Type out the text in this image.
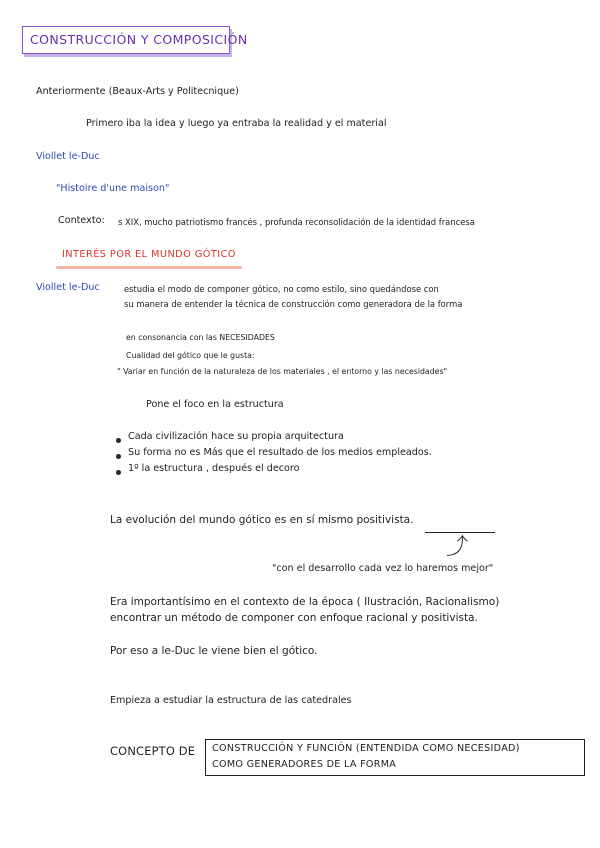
CONSTRUCCIÓN Y COMPOSICIÓN
Anteriormente (Beaux-Arts y Politecnique)
Primero iba la idea y luego ya entraba la realidad y el material
Viollet le-Duc
"Histoire d'une maison"
Contexto: s XIX, mucho patriotismo francés , profunda reconsolidación de la identidad francesa
INTERÉS POR EL MUNDO GÓTICO
Viollet le-Duc	estudia el modo de componer gótico, no como estilo, sino quedándose con
su manera de entender la técnica de construcción como generadora de la forma
en consonancia con las NECESIDADES
Cualidad del gótico que le gusta:
" Variar en función de la naturaleza de los materiales , el entorno y las necesidades"
Pone el foco en la estructura
Cada civilización hace su propia arquitectura
Su forma no es Más que el resultado de los medios empleados.
1º la estructura , después el decoro
La evolución del mundo gótico es en sí mismo positivista.
⤴
"con el desarrollo cada vez lo haremos mejor"
Era importantísimo en el contexto de la época ( Ilustración, Racionalismo)
encontrar un método de componer con enfoque racional y positivista.
Por eso a le-Duc le viene bien el gótico.
Empieza a estudiar la estructura de las catedrales
CONCEPTO DE CONSTRUCCIÓN Y FUNCIÓN (ENTENDIDA COMO NECESIDAD)
COMO GENERADORES DE LA FORMA
